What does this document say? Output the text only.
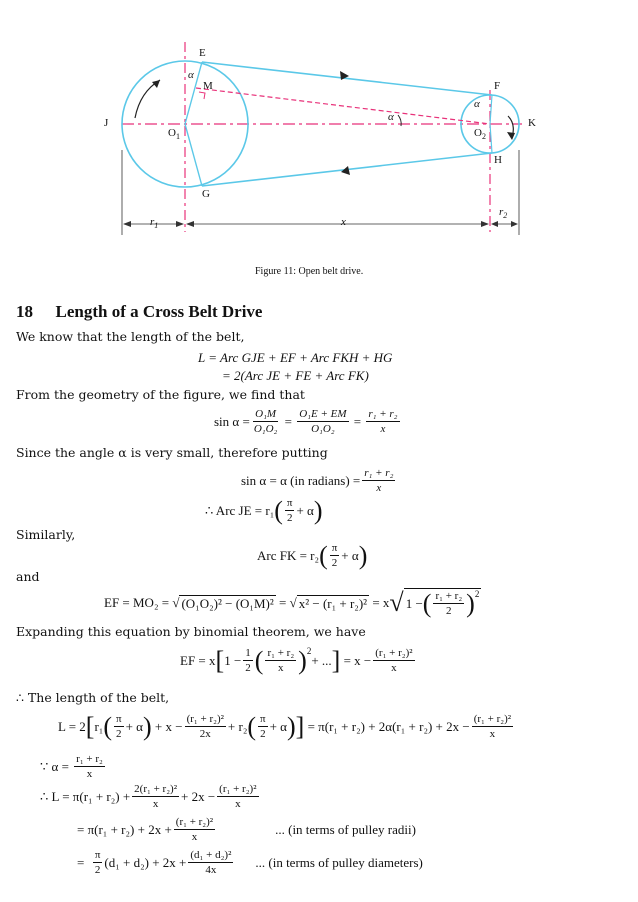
E
F
G
H
J	K
M
$O_1$	$O_2$
α
α
α
$r_1$
$r_2$
x
Figure 11: Open belt drive.
18 Length of a Cross Belt Drive
We know that the length of the belt,
L = Arc GJE + EF + Arc FKH + HG
= 2(Arc JE + FE + Arc FK)
From the geometry of the figure, we find that
$\sin \alpha = \frac{\text{O₁M}}{\text{O₁O₂}} = \frac{\text{O₁E + EM}}{\text{O₁O₂}} = \frac{\text{r₁ + r₂}}{x}$
Since the angle α is very small, therefore putting
sin α = α (in radians) = $\frac{\text{r₁ + r₂}}{x}$
∴ Arc JE = r₁ ( $\frac{\pi}{2} + \alpha$ )
Similarly,
Arc FK = r₂ ( $\frac{\pi}{2} + \alpha$ )
and
EF = MO₂ =
√ (O₁O₂)² − (O₁M)²
=
√ x² − (r₁ + r₂)²
= x √ 1 − ( $\frac{\text{r₁ + r₂}}{2} )^2$
Expanding this equation by binomial theorem, we have
EF = x [ $1 - \frac{1}{2}$ ( $\frac{\text{r₁ + r₂}}{x} )^2$
+ ... ]
= $x - \frac{\text{(r₁ + r₂)²}}{x}$
∴ The length of the belt,
L = 2 [ r₁ ( $\frac{\pi}{2} + \alpha$ )
+ $x - \frac{\text{(r₁ + r₂)²}}{2x} + r_2$ ( $\frac{\pi}{2} + \alpha$ ) ]
= $\pi(r_1 + r_2) + 2\alpha(r_1 + r_2) + 2x - \frac{\text{(r₁ + r₂)²}}{x}$
∵ α =
$\frac{\text{r₁ + r₂}}{x}$
∴ $L = \pi(r_1 + r_2) + \frac{\text{2(r₁ + r₂)²}}{x} + 2x - \frac{\text{(r₁ + r₂)²}}{x}$
= $\pi(r_1 + r_2) + 2x + \frac{\text{(r₁ + r₂)²}}{x}$	... (in terms of pulley radii)
=
$\frac{\pi}{2} (d_1 + d_2) + 2x + \frac{\text{(d₁ + d₂)²}}{4x}$ ... (in terms of pulley diameters)
